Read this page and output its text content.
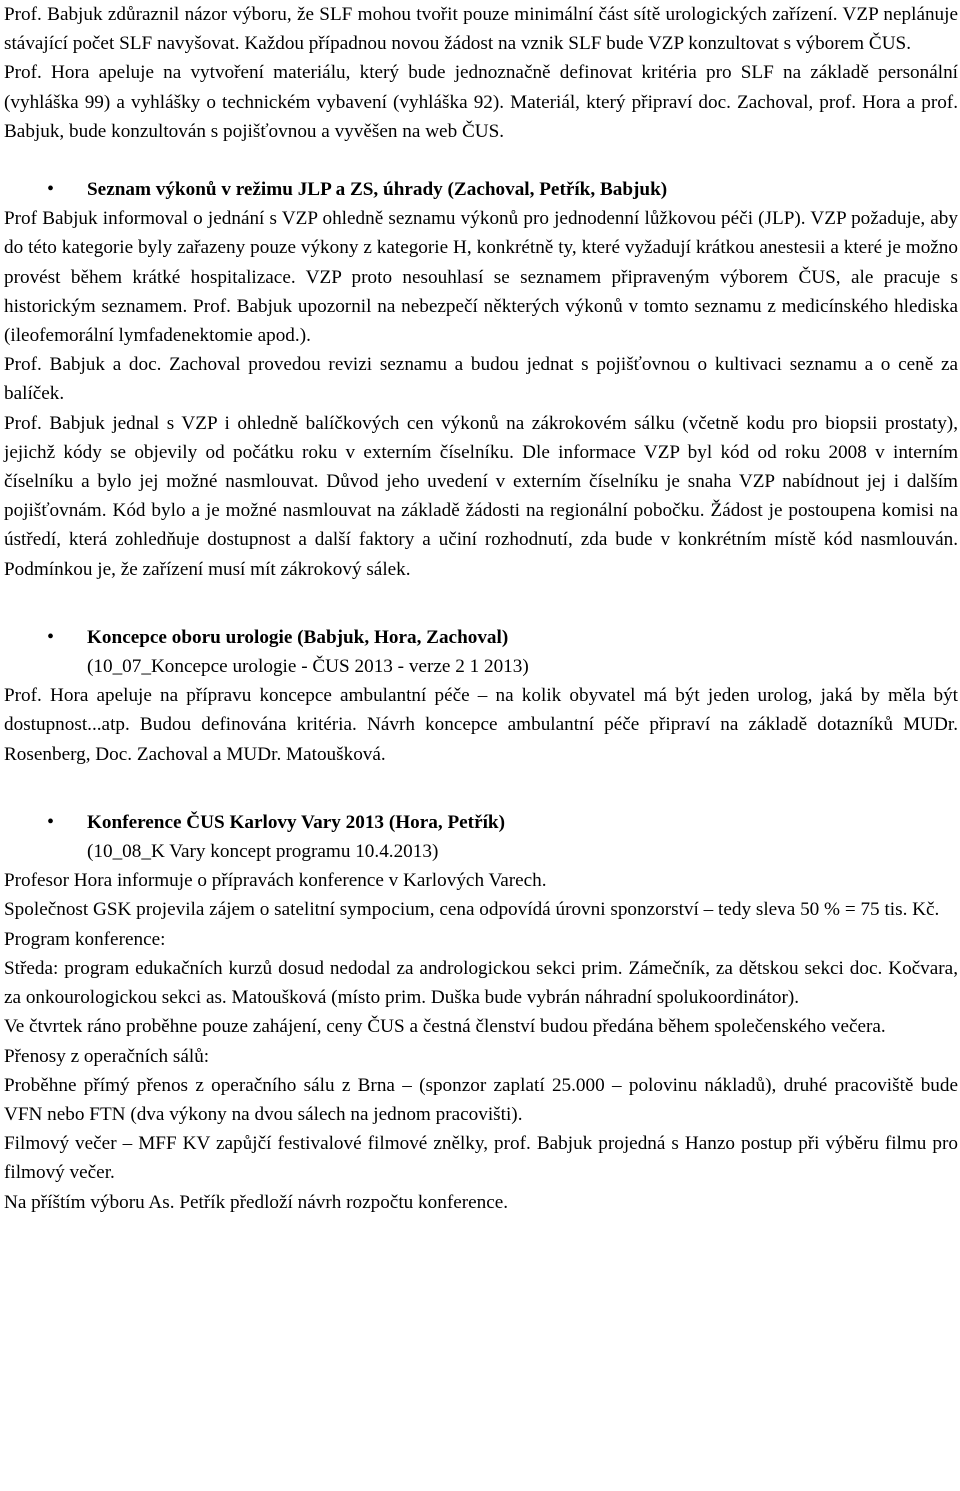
Prof. Babjuk zdůraznil názor výboru, že SLF mohou tvořit pouze minimální část sítě urologických zařízení. VZP neplánuje stávající počet SLF navyšovat. Každou případnou novou žádost na vznik SLF bude VZP konzultovat s výborem ČUS.

Prof. Hora apeluje na vytvoření materiálu, který bude jednoznačně definovat kritéria pro SLF na základě personální (vyhláška 99) a vyhlášky o technickém vybavení (vyhláška 92). Materiál, který připraví doc. Zachoval, prof. Hora a prof. Babjuk, bude konzultován s pojišťovnou a vyvěšen na web ČUS.

• Seznam výkonů v režimu JLP a ZS, úhrady (Zachoval, Petřík, Babjuk)

Prof Babjuk informoval o jednání s VZP ohledně seznamu výkonů pro jednodenní lůžkovou péči (JLP). VZP požaduje, aby do této kategorie byly zařazeny pouze výkony z kategorie H, konkrétně ty, které vyžadují krátkou anestesii a které je možno provést během krátké hospitalizace. VZP proto nesouhlasí se seznamem připraveným výborem ČUS, ale pracuje s historickým seznamem. Prof. Babjuk upozornil na nebezpečí některých výkonů v tomto seznamu z medicínského hlediska (ileofemorální lymfadenektomie apod.).

Prof. Babjuk a doc. Zachoval provedou revizi seznamu a budou jednat s pojišťovnou o kultivaci seznamu a o ceně za balíček.

Prof. Babjuk jednal s VZP i ohledně balíčkových cen výkonů na zákrokovém sálku (včetně kodu pro biopsii prostaty), jejichž kódy se objevily od počátku roku v externím číselníku. Dle informace VZP byl kód od roku 2008 v interním číselníku a bylo jej možné nasmlouvat. Důvod jeho uvedení v externím číselníku je snaha VZP nabídnout jej i dalším pojišťovnám. Kód bylo a je možné nasmlouvat na základě žádosti na regionální pobočku. Žádost je postoupena komisi na ústředí, která zohledňuje dostupnost a další faktory a učiní rozhodnutí, zda bude v konkrétním místě kód nasmlouván. Podmínkou je, že zařízení musí mít zákrokový sálek.

• Koncepce oboru urologie (Babjuk, Hora, Zachoval)
(10_07_Koncepce urologie - ČUS 2013 - verze 2 1 2013)

Prof. Hora apeluje na přípravu koncepce ambulantní péče – na kolik obyvatel má být jeden urolog, jaká by měla být dostupnost...atp. Budou definována kritéria. Návrh koncepce ambulantní péče připraví na základě dotazníků MUDr. Rosenberg, Doc. Zachoval a MUDr. Matoušková.

• Konference ČUS Karlovy Vary 2013 (Hora, Petřík)
(10_08_K Vary koncept programu 10.4.2013)

Profesor Hora informuje o přípravách konference v Karlových Varech.

Společnost GSK projevila zájem o satelitní sympосium, cena odpovídá úrovni sponzorství – tedy sleva 50 % = 75 tis. Kč.

Program konference:

Středa: program edukačních kurzů dosud nedodal za andrologickou sekci prim. Zámečník, za dětskou sekci doc. Kočvara, za onkourologickou sekci as. Matoušková (místo prim. Duška bude vybrán náhradní spolukoordinátor).

Ve čtvrtek ráno proběhne pouze zahájení, ceny ČUS a čestná členství budou předána během společenského večera.

Přenosy z operačních sálů:

Proběhne přímý přenos z operačního sálu z Brna – (sponzor zaplatí 25.000 – polovinu nákladů), druhé pracoviště bude VFN nebo FTN (dva výkony na dvou sálech na jednom pracovišti).

Filmový večer – MFF KV zapůjčí festivalové filmové znělky, prof. Babjuk projedná s Hanzo postup při výběru filmu pro filmový večer.

Na příštím výboru As. Petřík předloží návrh rozpočtu konference.
